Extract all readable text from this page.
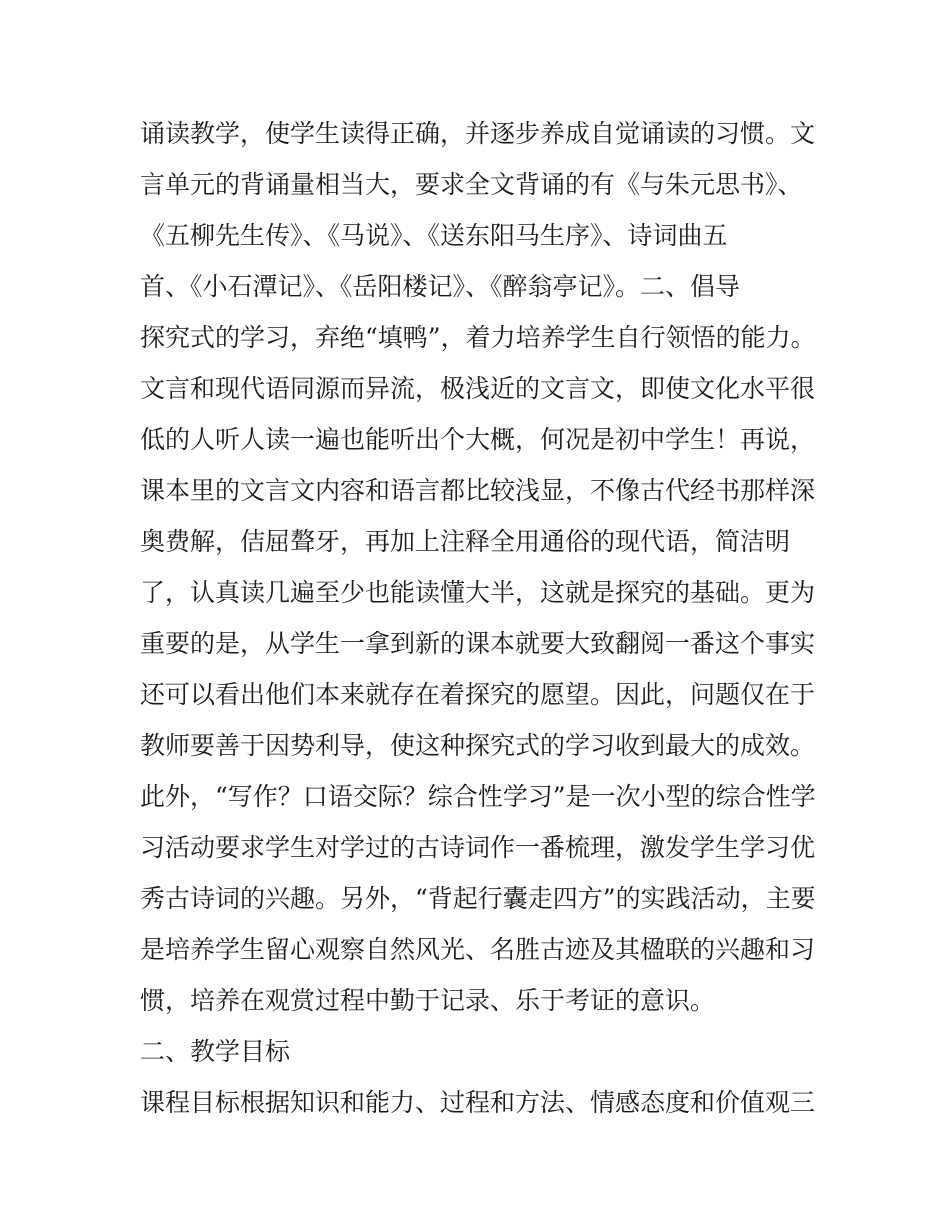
诵读教学，使学生读得正确，并逐步养成自觉诵读的习惯。文
言单元的背诵量相当大，要求全文背诵的有《与朱元思书》、
《五柳先生传》、《马说》、《送东阳马生序》、诗词曲五
首、《小石潭记》、《岳阳楼记》、《醉翁亭记》。二、倡导
探究式的学习，弃绝“填鸭”，着力培养学生自行领悟的能力。
文言和现代语同源而异流，极浅近的文言文，即使文化水平很
低的人听人读一遍也能听出个大概，何况是初中学生！再说，
课本里的文言文内容和语言都比较浅显，不像古代经书那样深
奥费解，佶屈聱牙，再加上注释全用通俗的现代语，简洁明
了，认真读几遍至少也能读懂大半，这就是探究的基础。更为
重要的是，从学生一拿到新的课本就要大致翻阅一番这个事实
还可以看出他们本来就存在着探究的愿望。因此，问题仅在于
教师要善于因势利导，使这种探究式的学习收到最大的成效。
此外，“写作？口语交际？综合性学习”是一次小型的综合性学
习活动要求学生对学过的古诗词作一番梳理，激发学生学习优
秀古诗词的兴趣。另外，“背起行囊走四方”的实践活动，主要
是培养学生留心观察自然风光、名胜古迹及其楹联的兴趣和习
惯，培养在观赏过程中勤于记录、乐于考证的意识。
二、教学目标
课程目标根据知识和能力、过程和方法、情感态度和价值观三
